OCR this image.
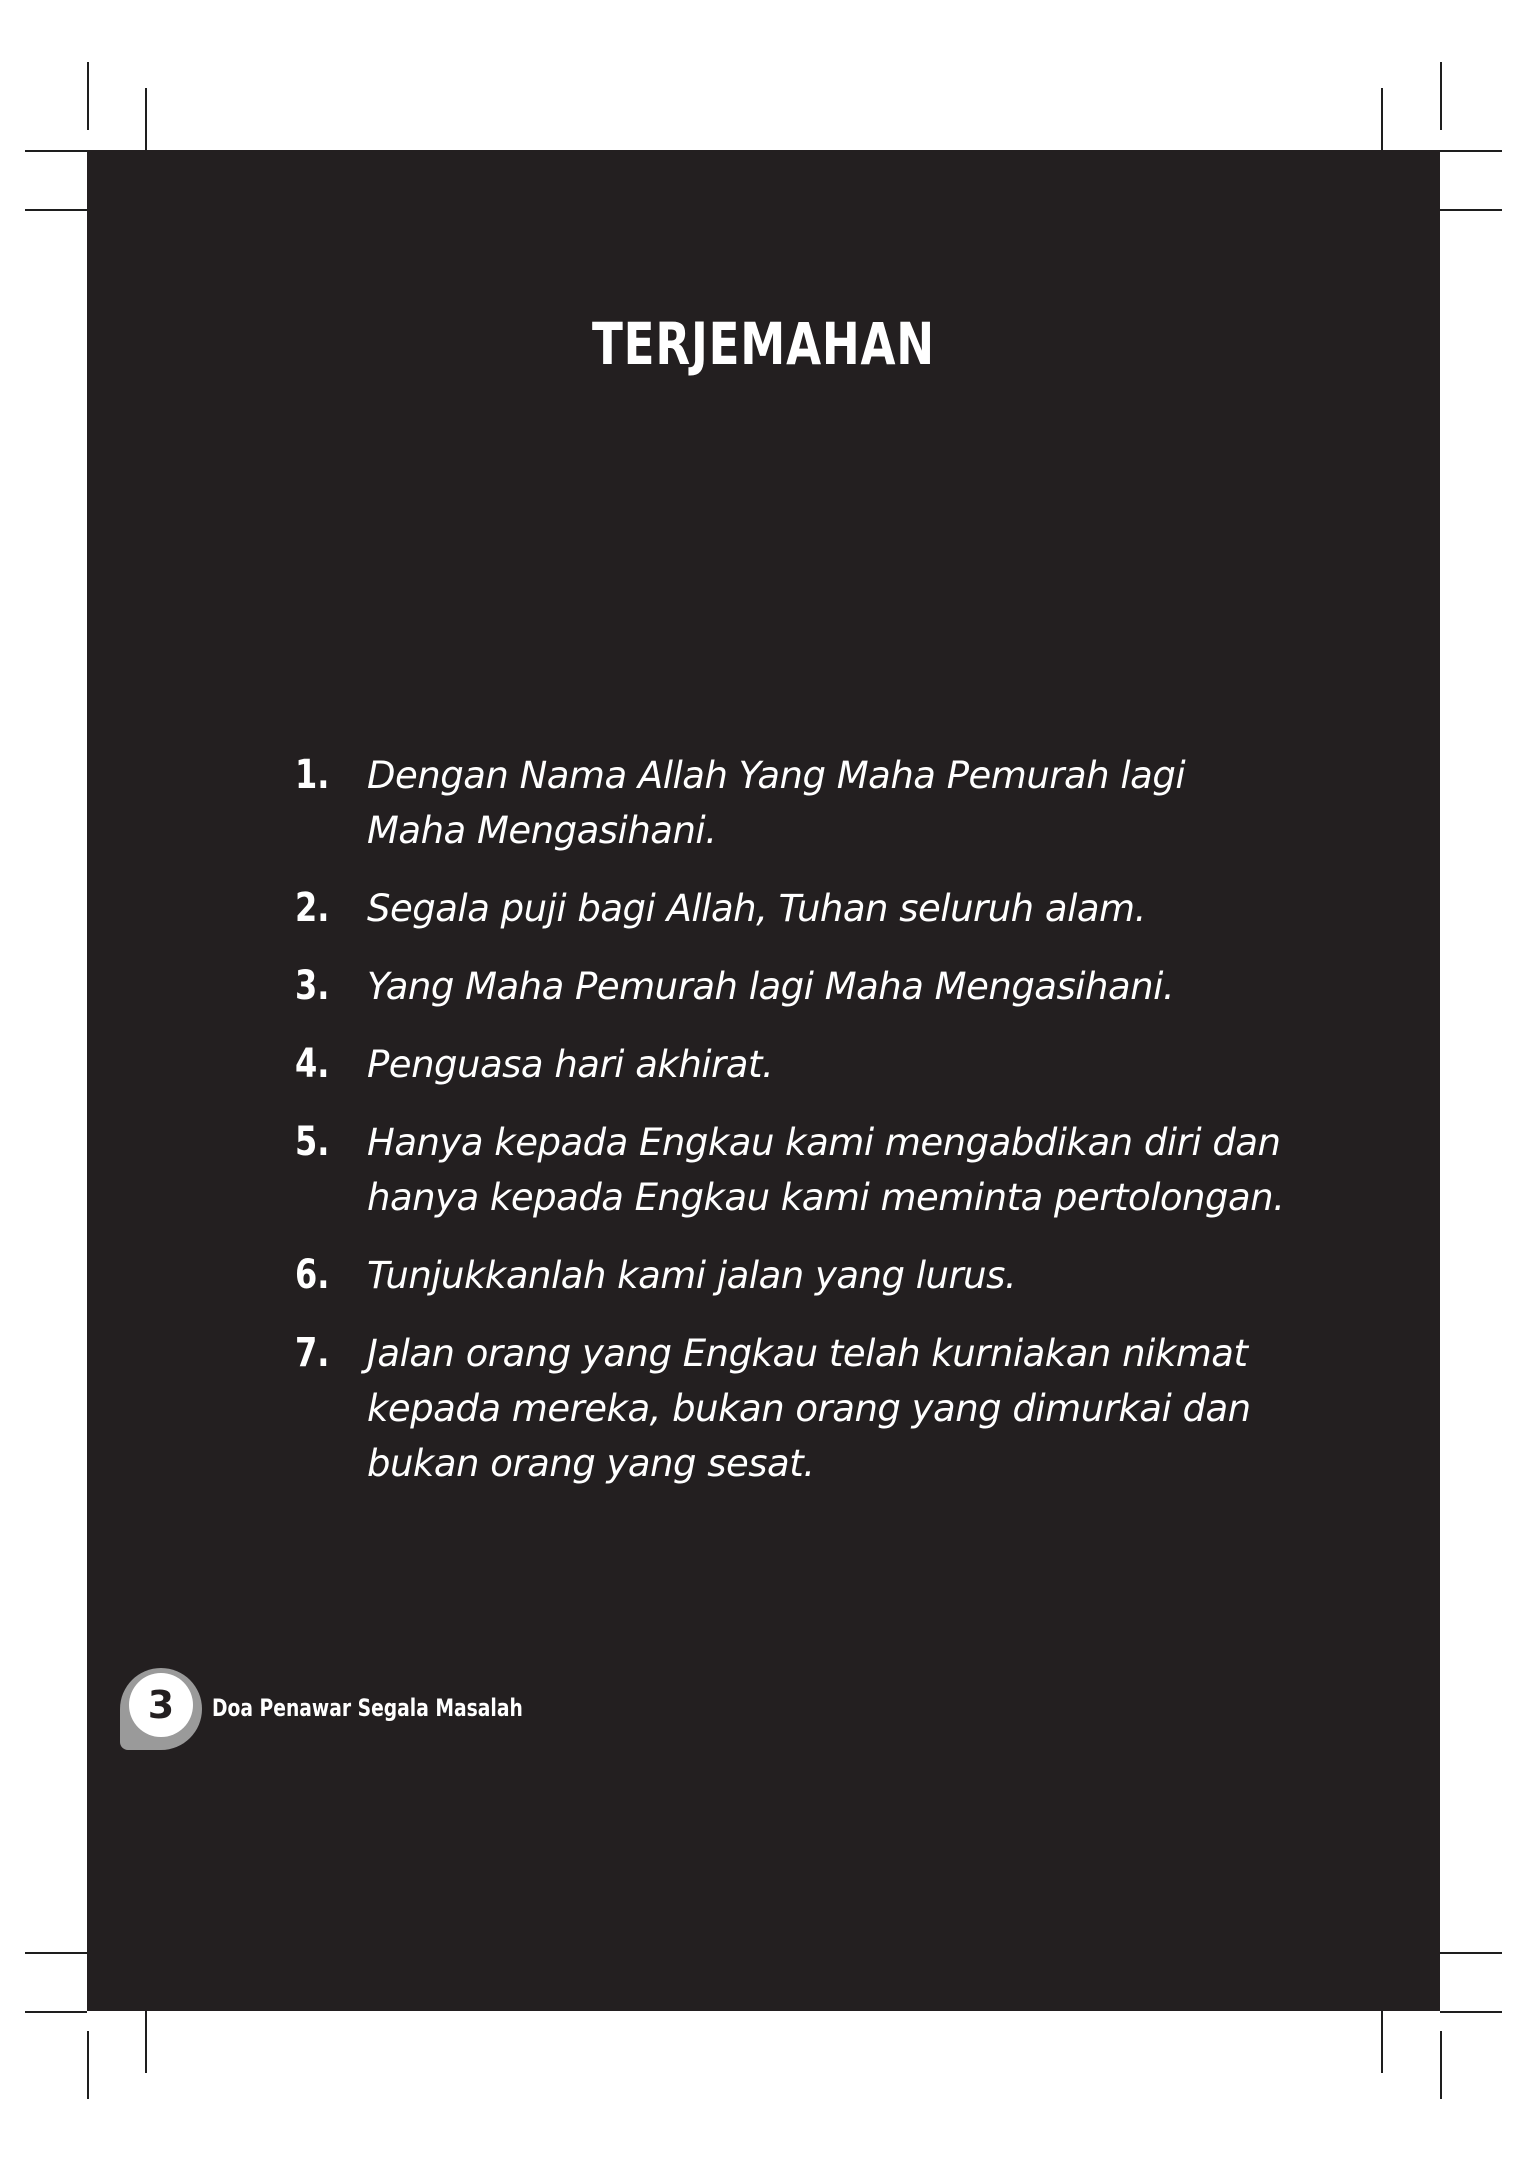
TERJEMAHAN
1.	Dengan Nama Allah Yang Maha Pemurah lagi
Maha Mengasihani.
2.	Segala puji bagi Allah, Tuhan seluruh alam.
3.	Yang Maha Pemurah lagi Maha Mengasihani.
4.	Penguasa hari akhirat.
5.	Hanya kepada Engkau kami mengabdikan diri dan
hanya kepada Engkau kami meminta pertolongan.
6.	Tunjukkanlah kami jalan yang lurus.
7.	Jalan orang yang Engkau telah kurniakan nikmat
kepada mereka, bukan orang yang dimurkai dan
bukan orang yang sesat.
3	Doa Penawar Segala Masalah
